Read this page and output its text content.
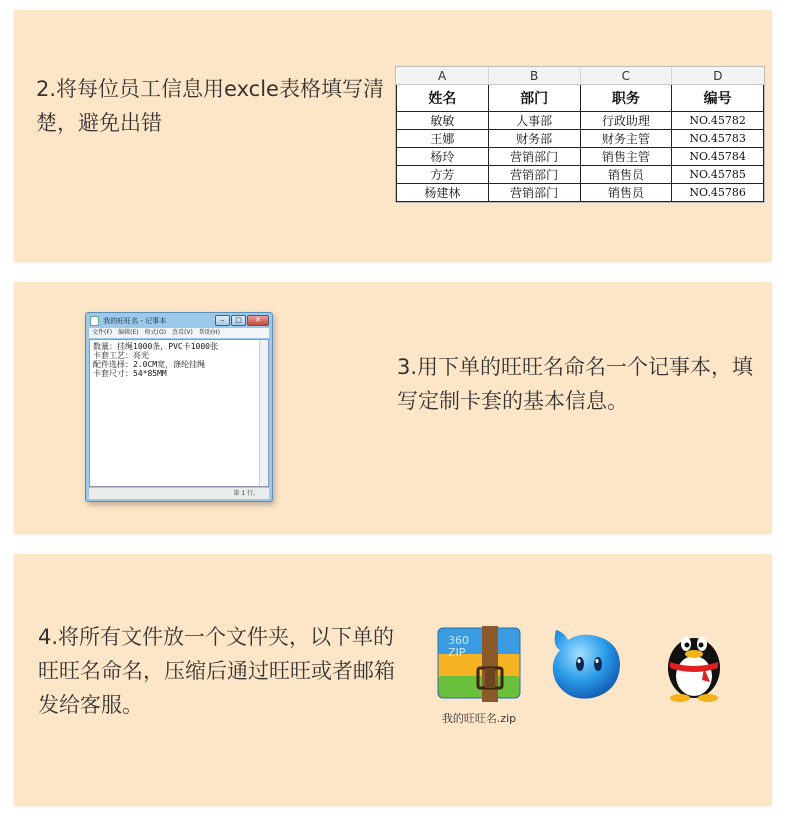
2.将每位员工信息用excle表格填写清楚，避免出错
A	B	C	D
姓名	部门	职务	编号
敏敏	人事部	行政助理	NO.45782
王娜	财务部	财务主管	NO.45783
杨玲	营销部门	销售主管	NO.45784
方芳	营销部门	销售员	NO.45785
杨建林	营销部门	销售员	NO.45786
我的旺旺名 - 记事本	–	□	✕
文件(F) 编辑(E) 格式(O) 查看(V) 帮助(H)
数量：挂绳1000条，PVC卡1000张
卡套工艺：亮光
配件选择：2.0CM宽，涤纶挂绳
卡套尺寸：54*85MM
第 1 行，
3.用下单的旺旺名命名一个记事本，填写定制卡套的基本信息。
4.将所有文件放一个文件夹，以下单的旺旺名命名，压缩后通过旺旺或者邮箱发给客服。
360
ZIP
我的旺旺名.zip
